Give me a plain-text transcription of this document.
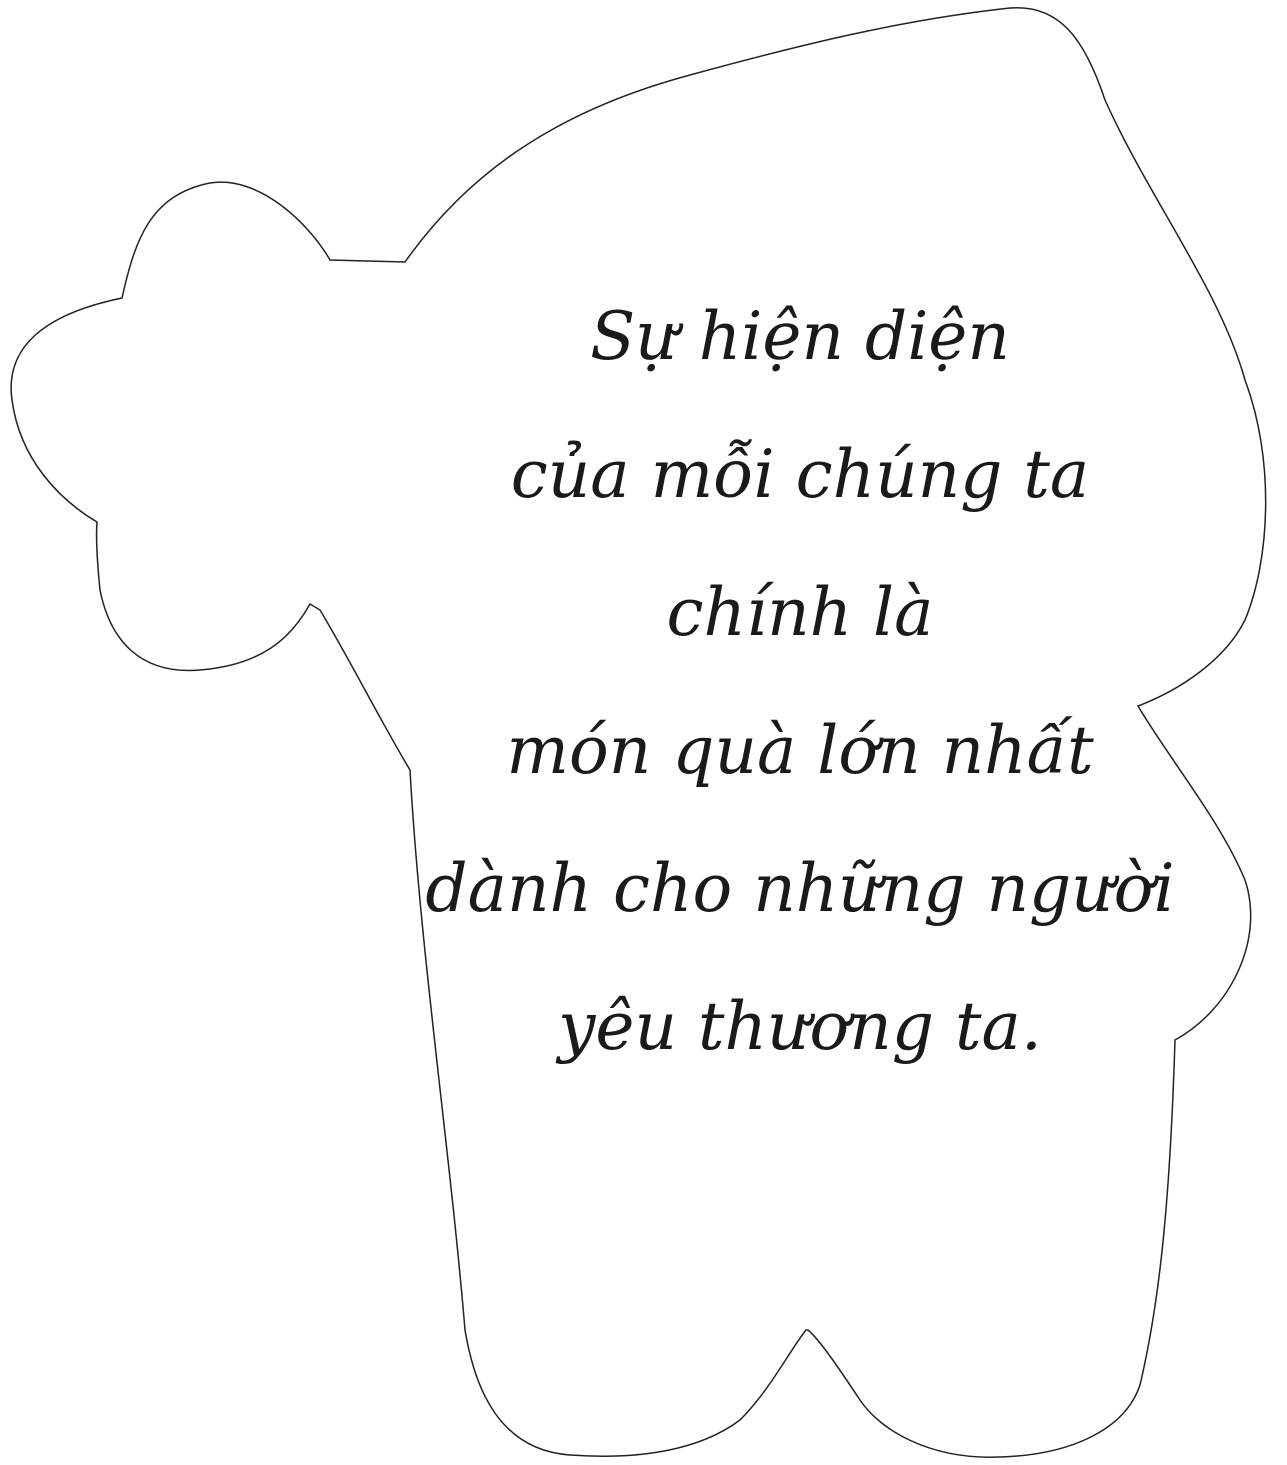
Sự hiện diện
của mỗi chúng ta
chính là
món quà lớn nhất
dành cho những người
yêu thương ta.
